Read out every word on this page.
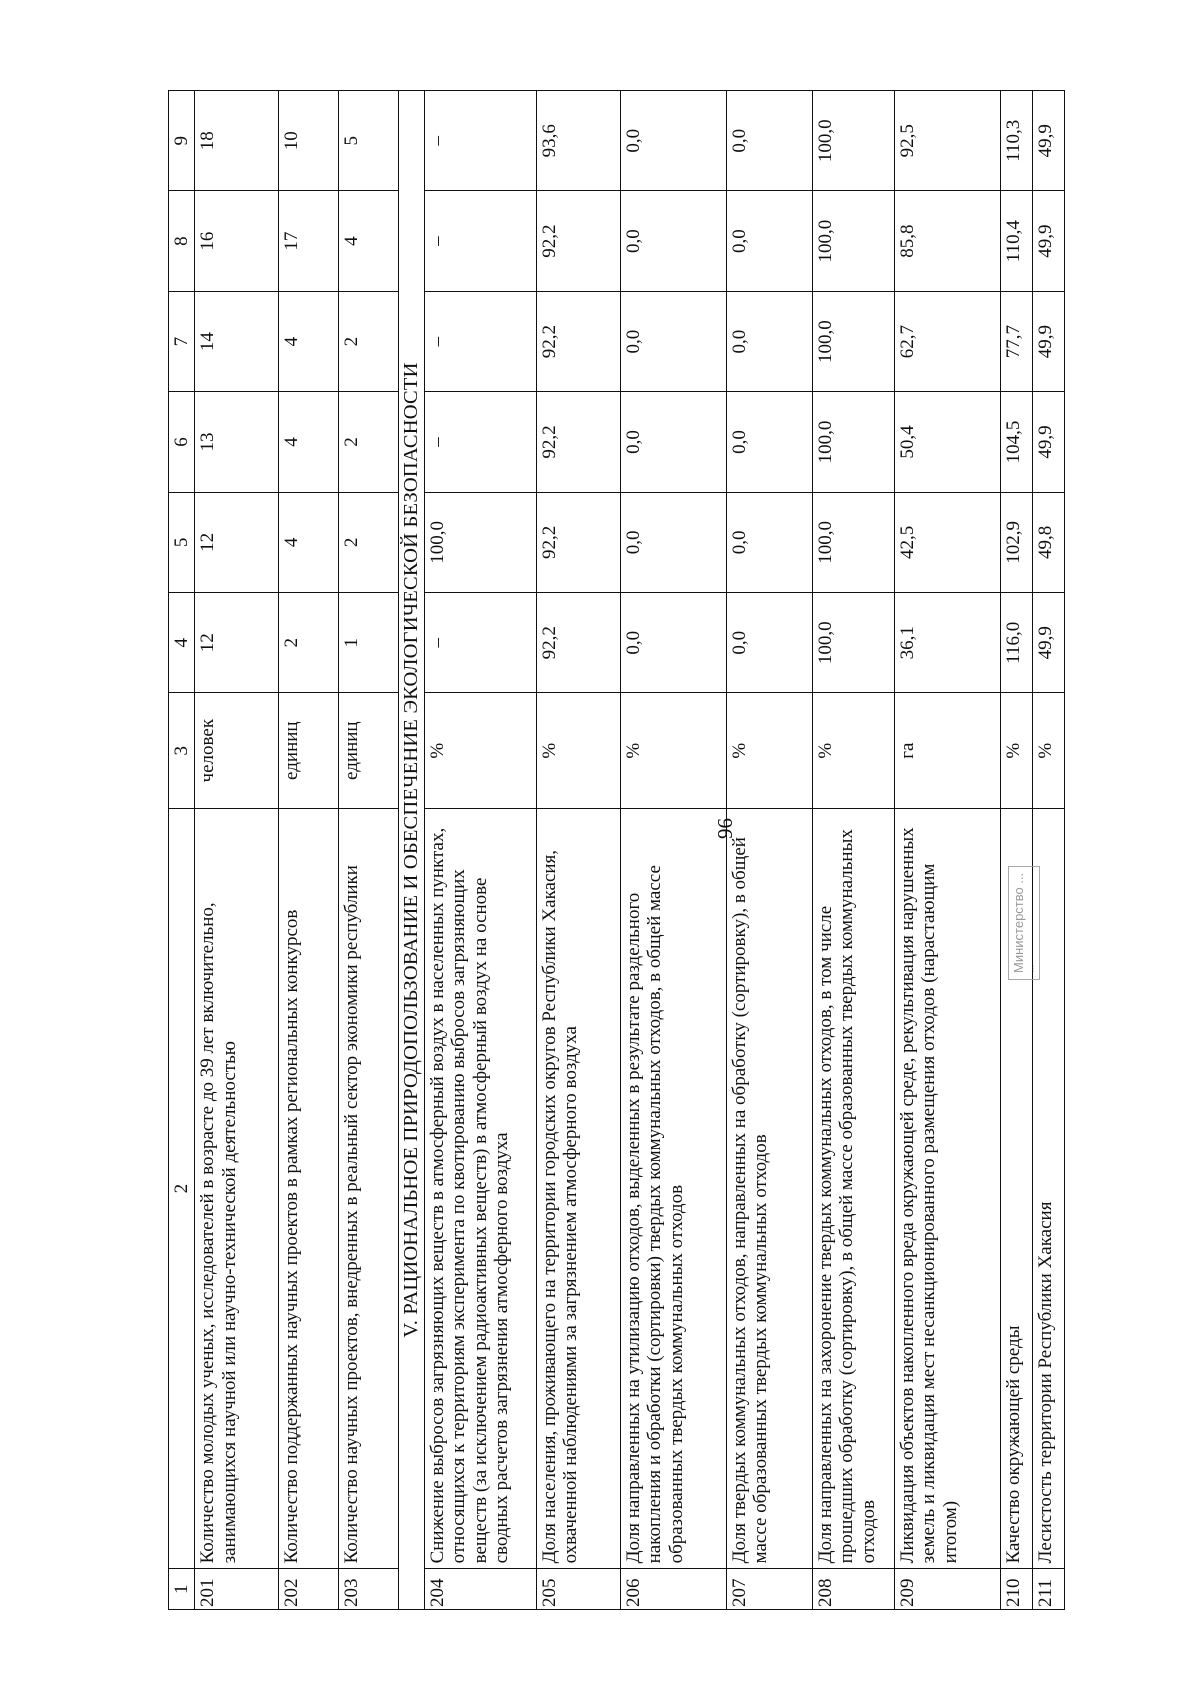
96
1	2	3	4	5	6	7	8	9
201	Количество молодых ученых, исследователей в возрасте до 39 лет включительно, занимающихся научной или научно-технической деятельностью	человек	12	12	13	14	16	18
202	Количество поддержанных научных проектов в рамках региональных конкурсов	единиц	2	4	4	4	17	10
203	Количество научных проектов, внедренных в реальный сектор экономики республики	единиц	1	2	2	2	4	5
V. РАЦИОНАЛЬНОЕ ПРИРОДОПОЛЬЗОВАНИЕ И ОБЕСПЕЧЕНИЕ ЭКОЛОГИЧЕСКОЙ БЕЗОПАСНОСТИ								
204	Снижение выбросов загрязняющих веществ в атмосферный воздух в населенных пунктах, относящихся к территориям эксперимента по квотированию выбросов загрязняющих веществ (за исключением радиоактивных веществ) в атмосферный воздух на основе сводных расчетов загрязнения атмосферного воздуха	%	–	100,0	–	–	–	–
205	Доля населения, проживающего на территории городских округов Республики Хакасия, охваченной наблюдениями за загрязнением атмосферного воздуха	%	92,2	92,2	92,2	92,2	92,2	93,6
206	Доля направленных на утилизацию отходов, выделенных в результате раздельного накопления и обработки (сортировки) твердых коммунальных отходов, в общей массе образованных твердых коммунальных отходов	%	0,0	0,0	0,0	0,0	0,0	0,0
207	Доля твердых коммунальных отходов, направленных на обработку (сортировку), в общей массе образованных твердых коммунальных отходов	%	0,0	0,0	0,0	0,0	0,0	0,0
208	Доля направленных на захоронение твердых коммунальных отходов, в том числе прошедших обработку (сортировку), в общей массе образованных твердых коммунальных отходов	%	100,0	100,0	100,0	100,0	100,0	100,0
209	Ликвидация объектов накопленного вреда окружающей среде, рекультивация нарушенных земель и ликвидация мест несанкционированного размещения отходов (нарастающим итогом)	га	36,1	42,5	50,4	62,7	85,8	92,5
210	Качество окружающей среды	%	116,0	102,9	104,5	77,7	110,4	110,3
211	Лесистость территории Республики Хакасия	%	49,9	49,8	49,9	49,9	49,9	49,9
Министерство ... ...
